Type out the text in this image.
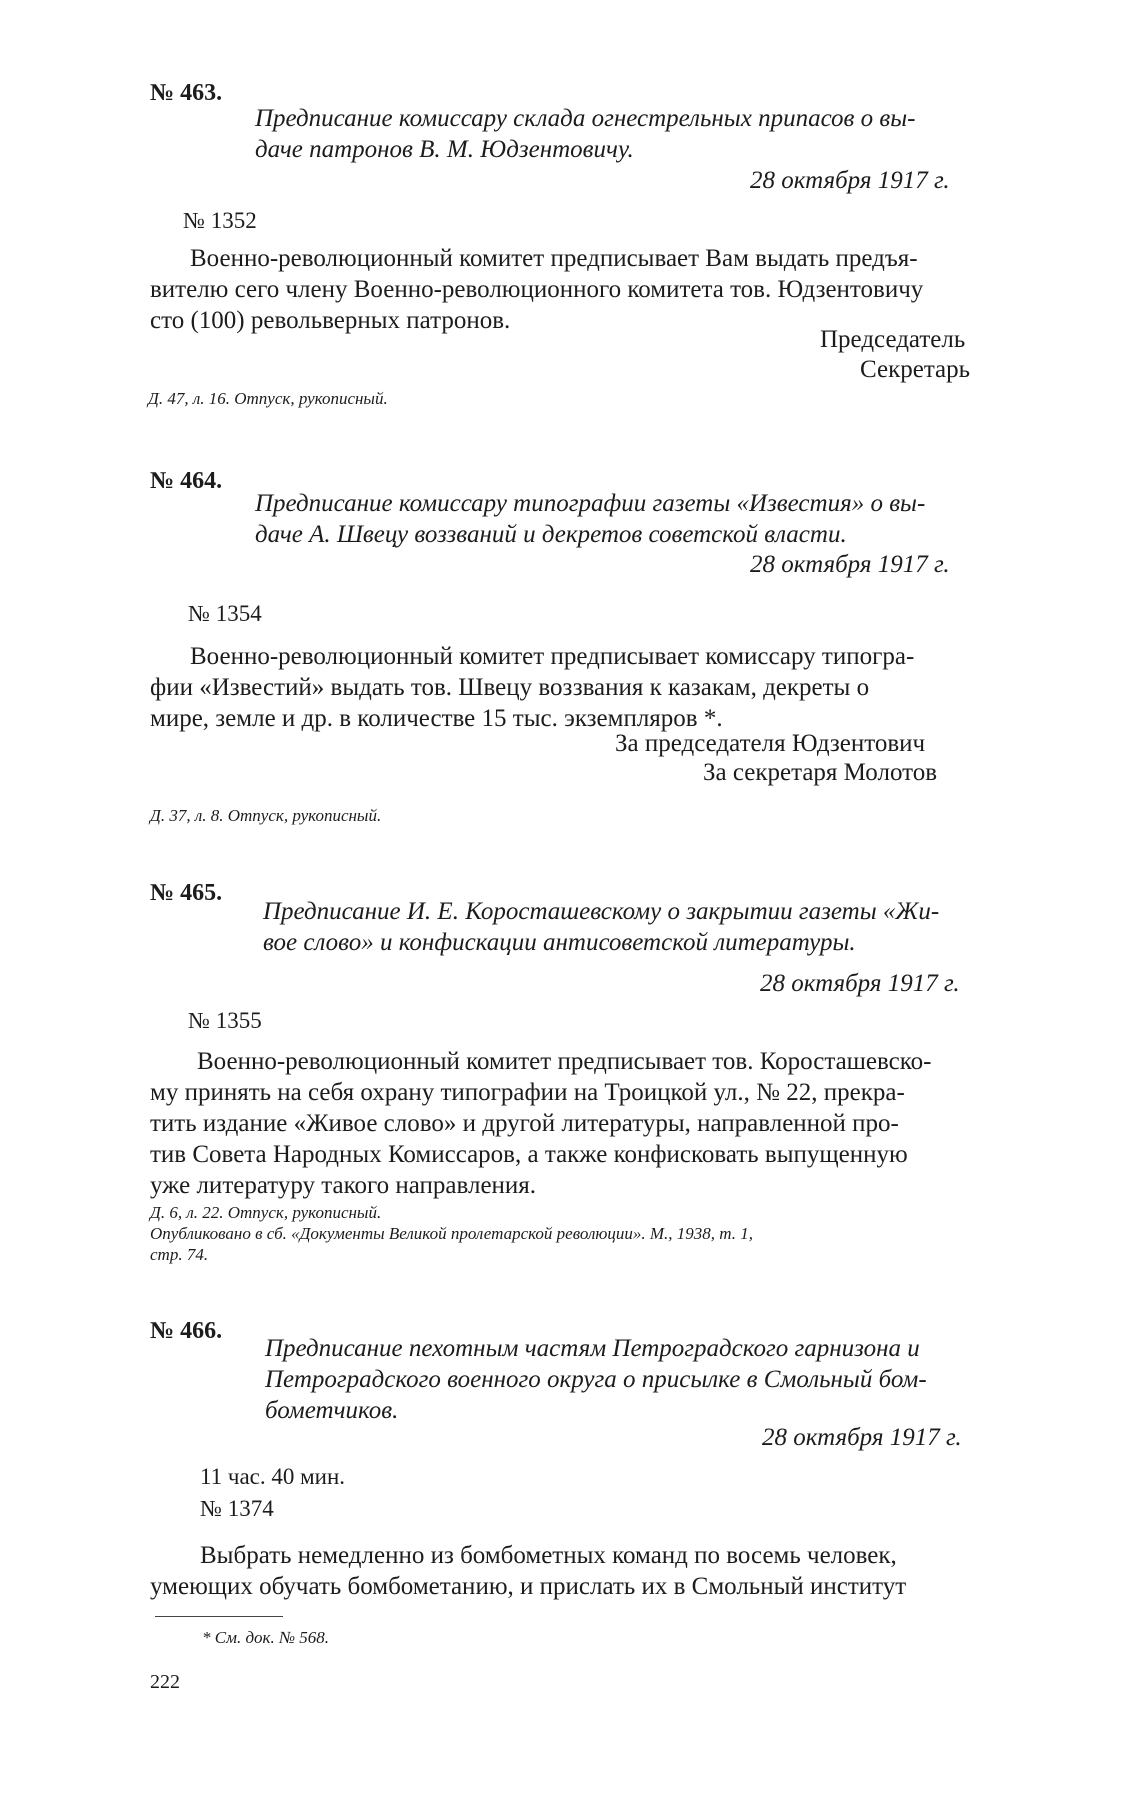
№ 463.
Предписание комиссару склада огнестрельных припасов о вы-
даче патронов В. М. Юдзентовичу.
28 октября 1917 г.
№ 1352
Военно-революционный комитет предписывает Вам выдать предъя-
вителю сего члену Военно-революционного комитета тов. Юдзентовичу
сто (100) револьверных патронов.
Председатель
Секретарь
Д. 47, л. 16. Отпуск, рукописный.
№ 464.
Предписание комиссару типографии газеты «Известия» о вы-
даче А. Швецу воззваний и декретов советской власти.
28 октября 1917 г.
№ 1354
Военно-революционный комитет предписывает комиссару типогра-
фии «Известий» выдать тов. Швецу воззвания к казакам, декреты о
мире, земле и др. в количестве 15 тыс. экземпляров *.
За председателя Юдзентович
За секретаря Молотов
Д. 37, л. 8. Отпуск, рукописный.
№ 465.
Предписание И. Е. Коросташевскому о закрытии газеты «Жи-
вое слово» и конфискации антисоветской литературы.
28 октября 1917 г.
№ 1355
Военно-революционный комитет предписывает тов. Коросташевско-
му принять на себя охрану типографии на Троицкой ул., № 22, прекра-
тить издание «Живое слово» и другой литературы, направленной про-
тив Совета Народных Комиссаров, а также конфисковать выпущенную
уже литературу такого направления.
Д. 6, л. 22. Отпуск, рукописный.
Опубликовано в сб. «Документы Великой пролетарской революции». М., 1938, т. 1,
стр. 74.
№ 466.
Предписание пехотным частям Петроградского гарнизона и
Петроградского военного округа о присылке в Смольный бом-
бометчиков.
28 октября 1917 г.
11 час. 40 мин.
№ 1374
Выбрать немедленно из бомбометных команд по восемь человек,
умеющих обучать бомбометанию, и прислать их в Смольный институт
* См. док. № 568.
222
